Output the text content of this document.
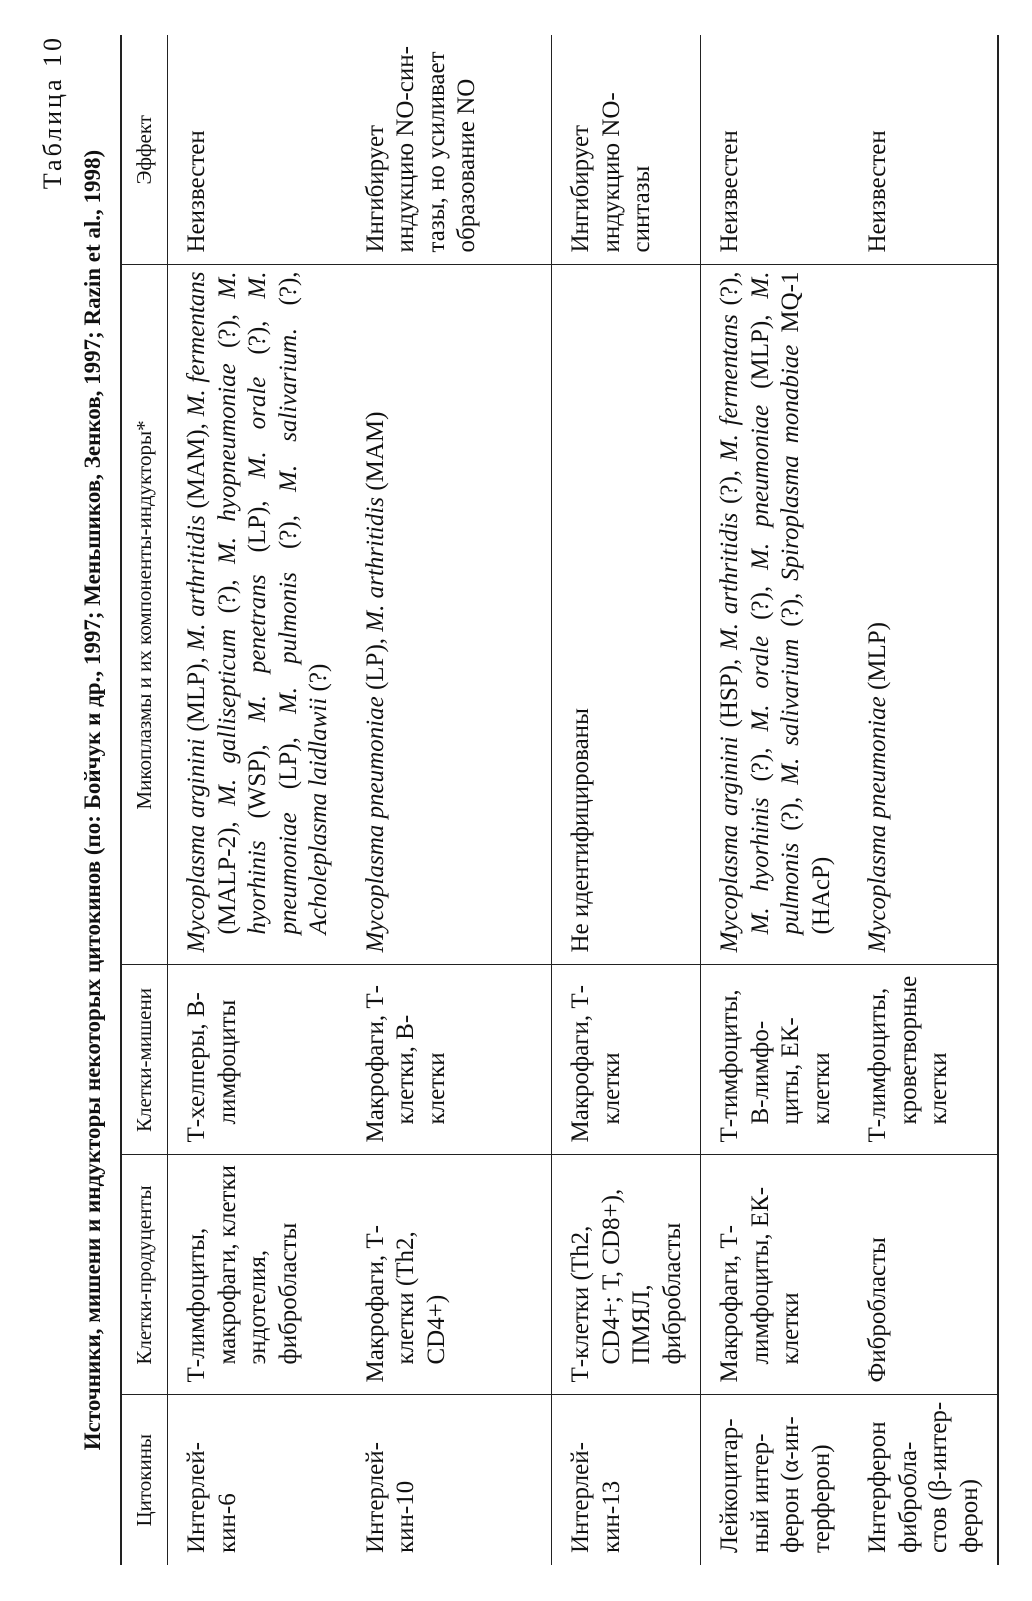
Таблица 10
Источники, мишени и индукторы некоторых цитокинов (по: Бойчук и др., 1997; Меньшиков, Зенков, 1997; Razin et al., 1998)
Цитокины	Клетки-продуценты	Клетки-мишени	Микоплазмы и их компоненты-индукторы*	Эффект
Интерлей-кин-6	Т-лимфоциты, макрофаги, клетки эндотелия, фибробласты	Т-хелперы, В-лимфоциты	Mycoplasma arginini (MLP), M. arthritidis (MAM), M. fermentans (MALP-2), M. gallisepticum (?), M. hyopneumoniae (?), M. hyorhinis (WSP), M. penetrans (LP), M. orale (?), M. pneumoniae (LP), M. pulmonis (?), M. salivarium. (?), Acholeplasma laidlawii (?)	Неизвестен
Интерлей-кин-10	Макрофаги, Т-клетки (Th2, CD4+)	Макрофаги, Т-клетки, В-клетки	Mycoplasma pneumoniae (LP), M. arthritidis (MAM)	Ингибирует индукцию NO-син-тазы, но усиливает образование NO
Интерлей-кин-13	Т-клетки (Th2, CD4+; Т, CD8+), ПМЯЛ, фибробласты	Макрофаги, Т-клетки	Не идентифицированы	Ингибирует индукцию NO-синтазы
Лейкоцитар-ный интер-ферон (α-ин-терферон)	Макрофаги, Т-лимфоциты, ЕК-клетки	Т-тимфоциты, В-лимфо-циты, ЕК-клетки	Mycoplasma arginini (HSP), M. arthritidis (?), M. fermentans (?), M. hyorhinis (?), M. orale (?), M. pneumoniae (MLP), M. pulmonis (?), M. salivarium (?), Spiroplasma monabiae MQ-1 (HAcP)	Неизвестен
Интерферон фибробла-стов (β-интер-ферон)	Фибробласты	Т-лимфоциты, кроветворные клетки	Mycoplasma pneumoniae (MLP)	Неизвестен
